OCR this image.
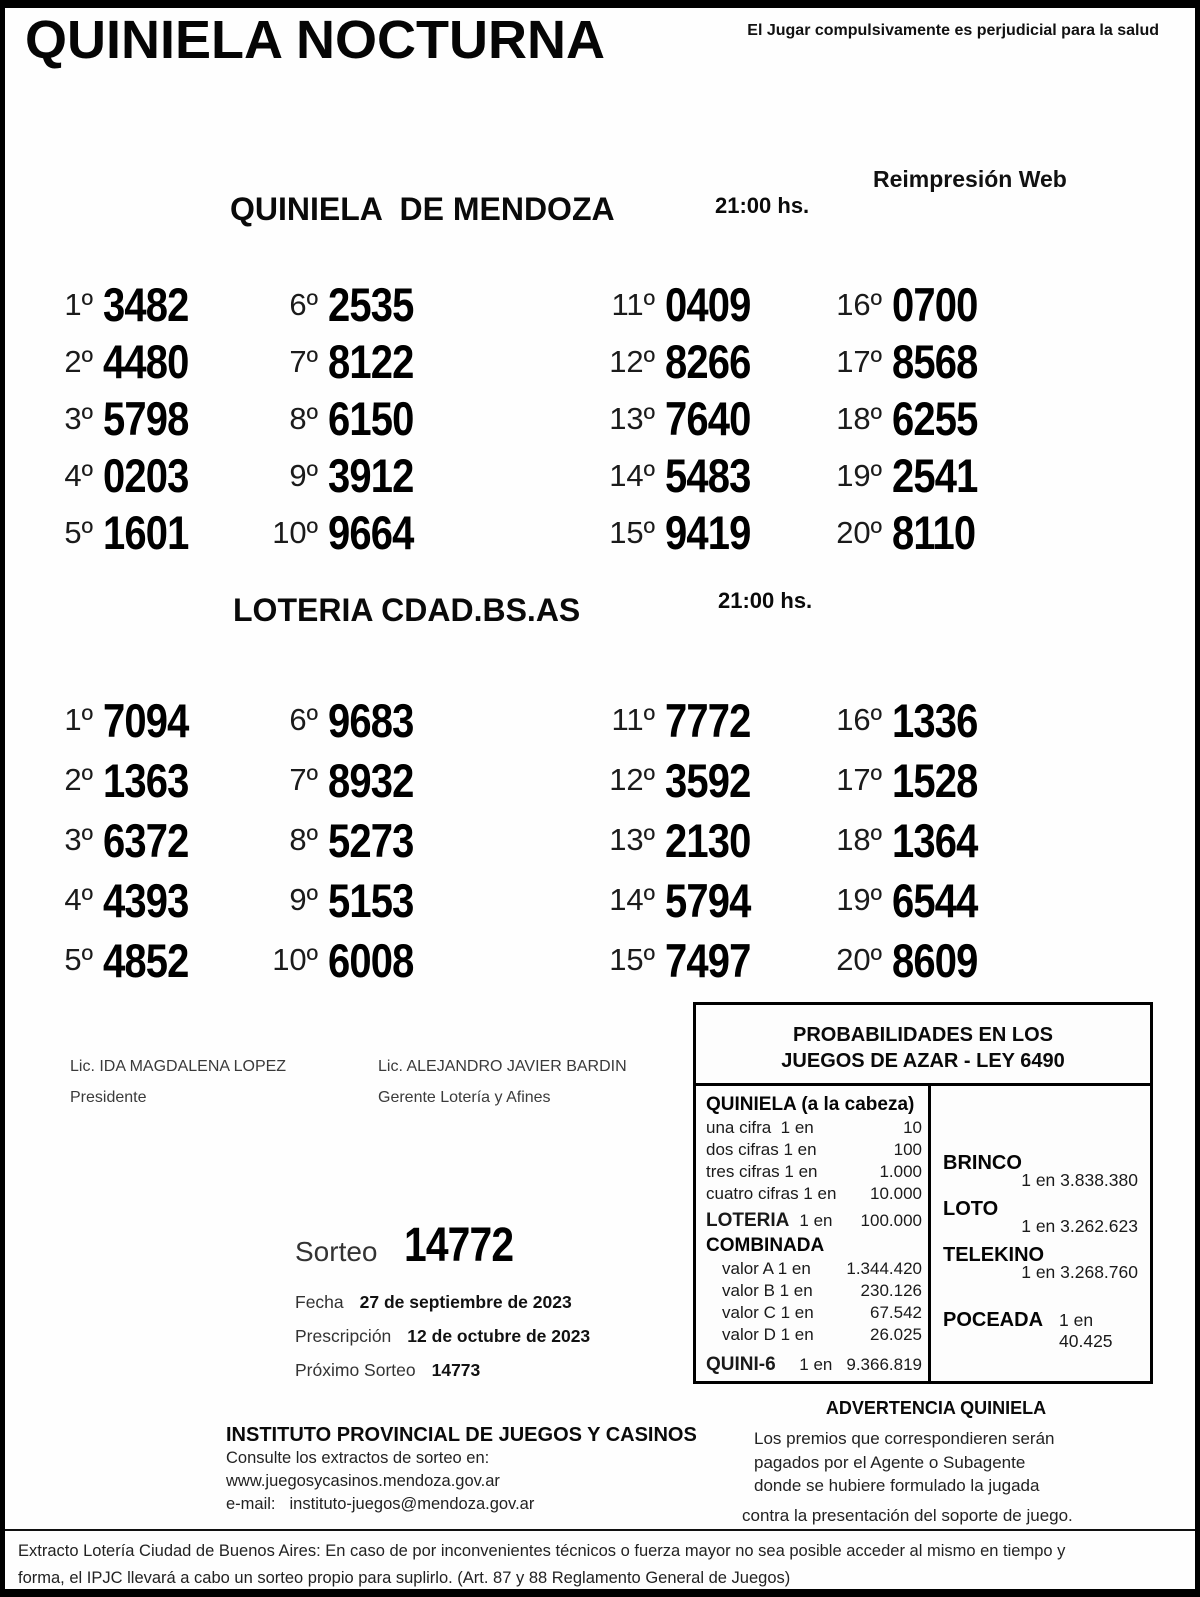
QUINIELA NOCTURNA	El Jugar compulsivamente es perjudicial para la salud
Reimpresión Web
QUINIELA  DE MENDOZA	21:00 hs.
1º 3482
2º 4480
3º 5798
4º 0203
5º 1601
6º 2535
7º 8122
8º 6150
9º 3912
10º 9664
11º 0409
12º 8266
13º 7640
14º 5483
15º 9419
16º 0700
17º 8568
18º 6255
19º 2541
20º 8110
LOTERIA CDAD.BS.AS	21:00 hs.
1º 7094
2º 1363
3º 6372
4º 4393
5º 4852
6º 9683
7º 8932
8º 5273
9º 5153
10º 6008
11º 7772
12º 3592
13º 2130
14º 5794
15º 7497
16º 1336
17º 1528
18º 1364
19º 6544
20º 8609
Lic. IDA MAGDALENA LOPEZ
Presidente
Lic. ALEJANDRO JAVIER BARDIN
Gerente Lotería y Afines
Sorteo 14772
Fecha 27 de septiembre de 2023
Prescripción 12 de octubre de 2023
Próximo Sorteo 14773
PROBABILIDADES EN LOS
JUEGOS DE AZAR - LEY 6490
QUINIELA (a la cabeza)
una cifra  1 en	10
dos cifras 1 en	100
tres cifras 1 en	1.000
cuatro cifras 1 en 10.000
LOTERIA 1 en 100.000
COMBINADA
valor A 1 en 1.344.420
valor B 1 en	230.126
valor C 1 en	67.542
valor D 1 en	26.025
QUINI-6 1 en 9.366.819
BRINCO
1 en 3.838.380
LOTO
1 en 3.262.623
TELEKINO
1 en 3.268.760
POCEADA 1 en 40.425
ADVERTENCIA QUINIELA
Los premios que correspondieren serán
pagados por el Agente o Subagente
donde se hubiere formulado la jugada
contra la presentación del soporte de juego.
INSTITUTO PROVINCIAL DE JUEGOS Y CASINOS
Consulte los extractos de sorteo en:
www.juegosycasinos.mendoza.gov.ar
e-mail: instituto-juegos@mendoza.gov.ar
Extracto Lotería Ciudad de Buenos Aires: En caso de por inconvenientes técnicos o fuerza mayor no sea posible acceder al mismo en tiempo y
forma, el IPJC llevará a cabo un sorteo propio para suplirlo. (Art. 87 y 88 Reglamento General de Juegos)
